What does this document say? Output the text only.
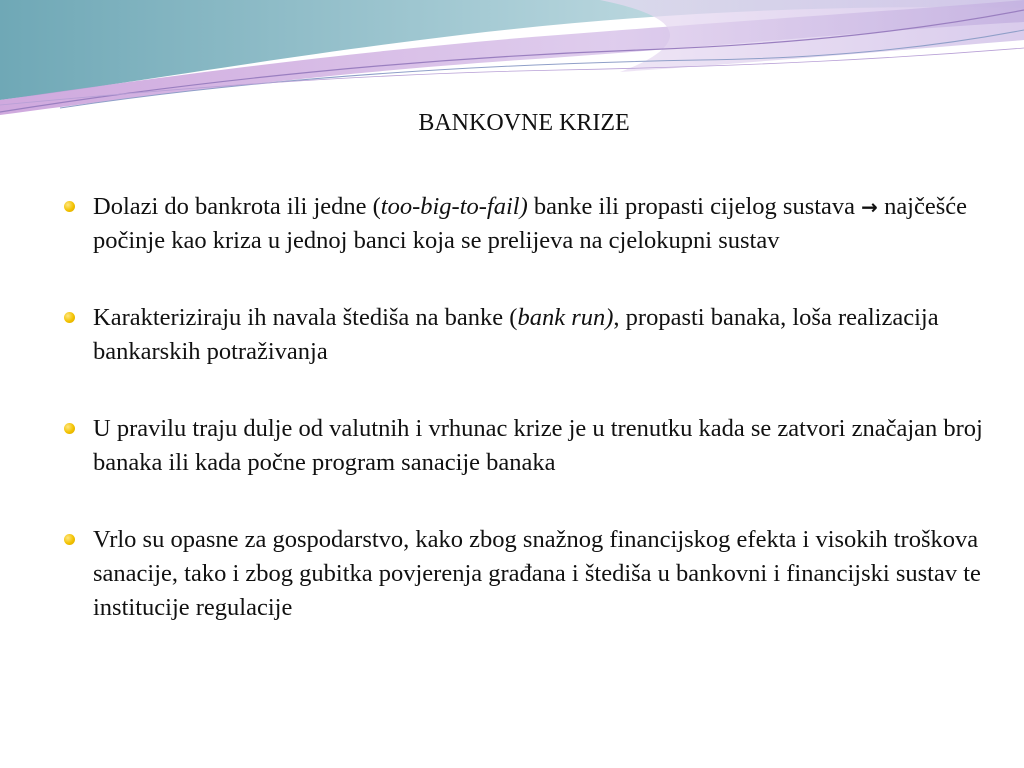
BANKOVNE KRIZE
Dolazi do bankrota ili jedne (too-big-to-fail) banke ili propasti cijelog sustava → najčešće počinje kao kriza u jednoj banci koja se prelijeva na cjelokupni sustav
Karakteriziraju ih navala štediša na banke (bank run), propasti banaka, loša realizacija bankarskih potraživanja
U pravilu traju dulje od valutnih i vrhunac krize je u trenutku kada se zatvori značajan broj banaka ili kada počne program sanacije banaka
Vrlo su opasne za gospodarstvo, kako zbog snažnog financijskog efekta i visokih troškova sanacije, tako i zbog gubitka povjerenja građana i štediša u bankovni i financijski sustav te institucije regulacije
